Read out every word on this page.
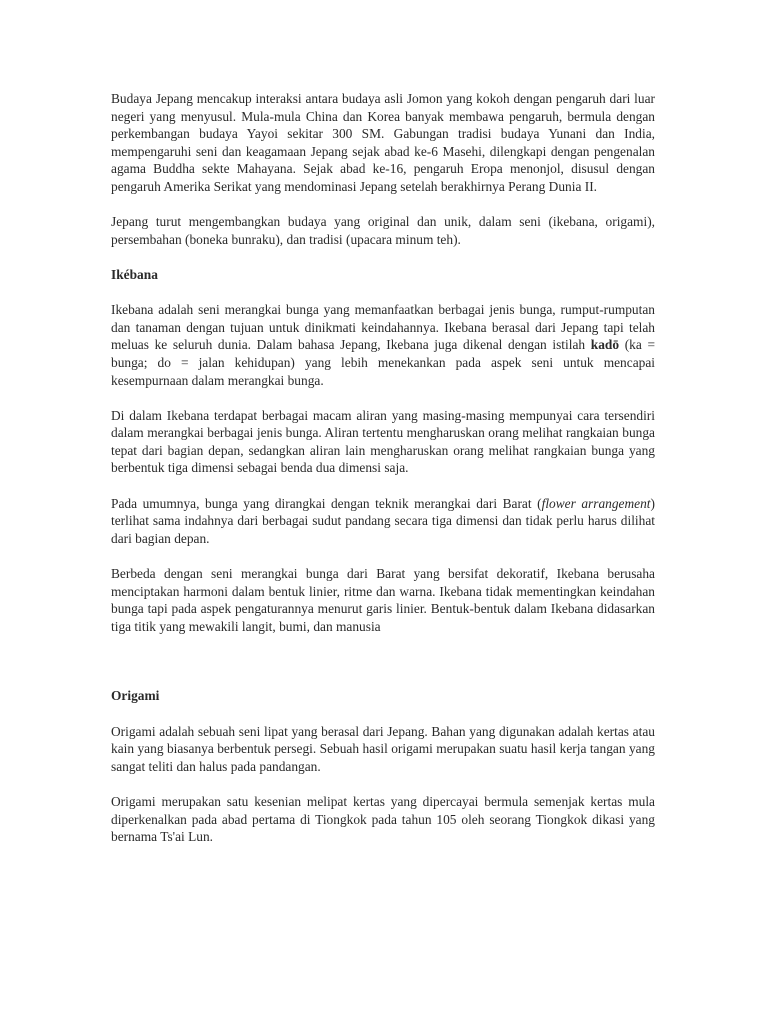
Budaya Jepang mencakup interaksi antara budaya asli Jomon yang kokoh dengan pengaruh dari luar negeri yang menyusul. Mula-mula China dan Korea banyak membawa pengaruh, bermula dengan perkembangan budaya Yayoi sekitar 300 SM. Gabungan tradisi budaya Yunani dan India, mempengaruhi seni dan keagamaan Jepang sejak abad ke-6 Masehi, dilengkapi dengan pengenalan agama Buddha sekte Mahayana. Sejak abad ke-16, pengaruh Eropa menonjol, disusul dengan pengaruh Amerika Serikat yang mendominasi Jepang setelah berakhirnya Perang Dunia II.

Jepang turut mengembangkan budaya yang original dan unik, dalam seni (ikebana, origami), persembahan (boneka bunraku), dan tradisi (upacara minum teh).

Ikébana

Ikebana adalah seni merangkai bunga yang memanfaatkan berbagai jenis bunga, rumput-rumputan dan tanaman dengan tujuan untuk dinikmati keindahannya. Ikebana berasal dari Jepang tapi telah meluas ke seluruh dunia. Dalam bahasa Jepang, Ikebana juga dikenal dengan istilah kadō (ka = bunga; do = jalan kehidupan) yang lebih menekankan pada aspek seni untuk mencapai kesempurnaan dalam merangkai bunga.

Di dalam Ikebana terdapat berbagai macam aliran yang masing-masing mempunyai cara tersendiri dalam merangkai berbagai jenis bunga. Aliran tertentu mengharuskan orang melihat rangkaian bunga tepat dari bagian depan, sedangkan aliran lain mengharuskan orang melihat rangkaian bunga yang berbentuk tiga dimensi sebagai benda dua dimensi saja.

Pada umumnya, bunga yang dirangkai dengan teknik merangkai dari Barat (flower arrangement) terlihat sama indahnya dari berbagai sudut pandang secara tiga dimensi dan tidak perlu harus dilihat dari bagian depan.

Berbeda dengan seni merangkai bunga dari Barat yang bersifat dekoratif, Ikebana berusaha menciptakan harmoni dalam bentuk linier, ritme dan warna. Ikebana tidak mementingkan keindahan bunga tapi pada aspek pengaturannya menurut garis linier. Bentuk-bentuk dalam Ikebana didasarkan tiga titik yang mewakili langit, bumi, dan manusia

Origami

Origami adalah sebuah seni lipat yang berasal dari Jepang. Bahan yang digunakan adalah kertas atau kain yang biasanya berbentuk persegi. Sebuah hasil origami merupakan suatu hasil kerja tangan yang sangat teliti dan halus pada pandangan.

Origami merupakan satu kesenian melipat kertas yang dipercayai bermula semenjak kertas mula diperkenalkan pada abad pertama di Tiongkok pada tahun 105 oleh seorang Tiongkok dikasi yang bernama Ts'ai Lun.
